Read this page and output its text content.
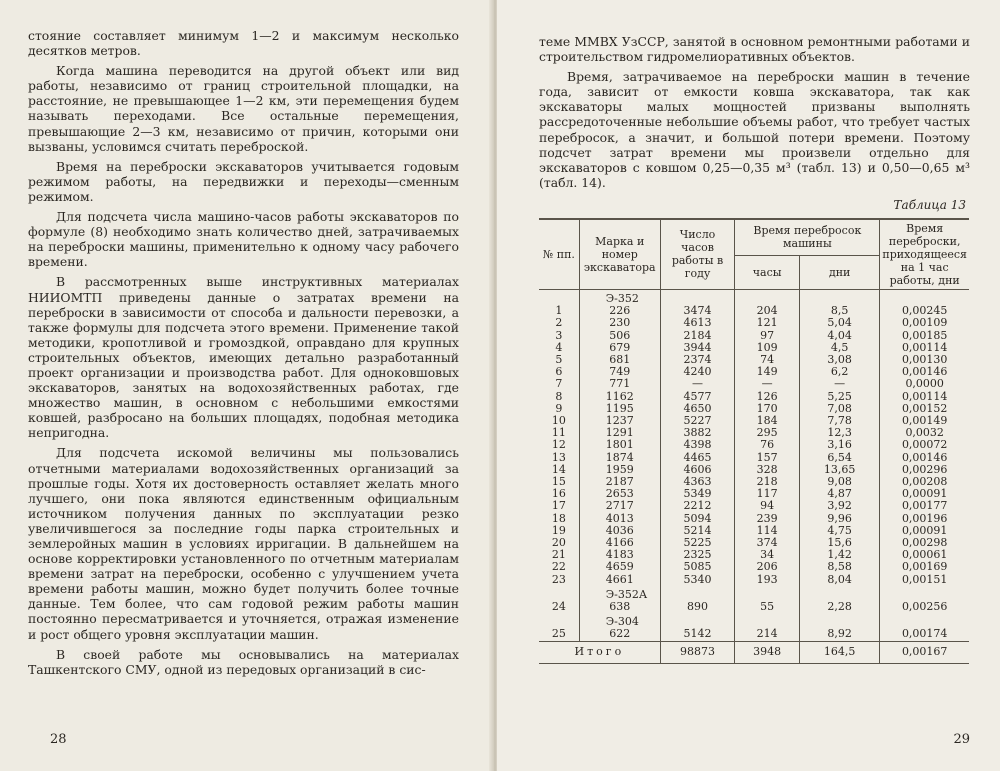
стояние составляет минимум 1—2 и максимум несколько десятков метров.

Когда машина переводится на другой объект или вид работы, независимо от границ строительной площадки, на расстояние, не превышающее 1—2 км, эти перемещения будем называть переходами. Все остальные перемещения, превышающие 2—3 км, независимо от причин, которыми они вызваны, условимся считать переброской.

Время на переброски экскаваторов учитывается годовым режимом работы, на передвижки и переходы—сменным режимом.

Для подсчета числа машино-часов работы экскаваторов по формуле (8) необходимо знать количество дней, затрачиваемых на переброски машины, применительно к одному часу рабочего времени.

В рассмотренных выше инструктивных материалах НИИОМТП приведены данные о затратах времени на переброски в зависимости от способа и дальности перевозки, а также формулы для подсчета этого времени. Применение такой методики, кропотливой и громоздкой, оправдано для крупных строительных объектов, имеющих детально разработанный проект организации и производства работ. Для одноковшовых экскаваторов, занятых на водохозяйственных работах, где множество машин, в основном с небольшими емкостями ковшей, разбросано на больших площадях, подобная методика непригодна.

Для подсчета искомой величины мы пользовались отчетными материалами водохозяйственных организаций за прошлые годы. Хотя их достоверность оставляет желать много лучшего, они пока являются единственным официальным источником получения данных по эксплуатации резко увеличившегося за последние годы парка строительных и землеройных машин в условиях ирригации. В дальнейшем на основе корректировки установленного по отчетным материалам времени затрат на переброски, особенно с улучшением учета времени работы машин, можно будет получить более точные данные. Тем более, что сам годовой режим работы машин постоянно пересматривается и уточняется, отражая изменение и рост общего уровня эксплуатации машин.

В своей работе мы основывались на материалах Ташкентского СМУ, одной из передовых организаций в сис-

28

теме ММВХ УзССР, занятой в основном ремонтными работами и строительством гидромелиоративных объектов.

Время, затрачиваемое на переброски машин в течение года, зависит от емкости ковша экскаватора, так как экскаваторы малых мощностей призваны выполнять рассредоточенные небольшие объемы работ, что требует частых перебросок, а значит, и большой потери времени. Поэтому подсчет затрат времени мы произвели отдельно для экскаваторов с ковшом 0,25—0,35 м³ (табл. 13) и 0,50—0,65 м³ (табл. 14).

Таблица 13
№ пп.	Марка и номер экскаватора	Число часов работы в году	Время перебросок машины		Время переброски, приходящееся на 1 час работы, дни
			часы	дни	
	Э-352				
1	226	3474	204	8,5	0,00245
2	230	4613	121	5,04	0,00109
3	506	2184	97	4,04	0,00185
4	679	3944	109	4,5	0,00114
5	681	2374	74	3,08	0,00130
6	749	4240	149	6,2	0,00146
7	771	—	—	—	0,0000
8	1162	4577	126	5,25	0,00114
9	1195	4650	170	7,08	0,00152
10	1237	5227	184	7,78	0,00149
11	1291	3882	295	12,3	0,0032
12	1801	4398	76	3,16	0,00072
13	1874	4465	157	6,54	0,00146
14	1959	4606	328	13,65	0,00296
15	2187	4363	218	9,08	0,00208
16	2653	5349	117	4,87	0,00091
17	2717	2212	94	3,92	0,00177
18	4013	5094	239	9,96	0,00196
19	4036	5214	114	4,75	0,00091
20	4166	5225	374	15,6	0,00298
21	4183	2325	34	1,42	0,00061
22	4659	5085	206	8,58	0,00169
23	4661	5340	193	8,04	0,00151
	Э-352А				
24	638	890	55	2,28	0,00256
	Э-304				
25	622	5142	214	8,92	0,00174
Итого		98873	3948	164,5	0,00167
29
